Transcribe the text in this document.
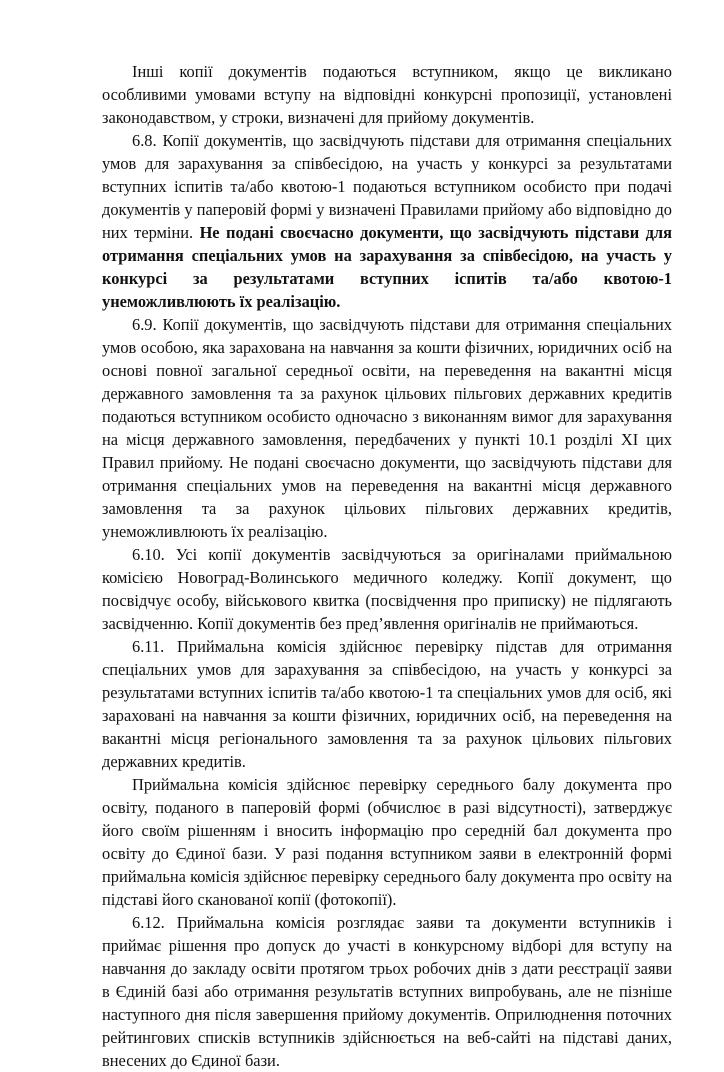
Інші копії документів подаються вступником, якщо це викликано особливими умовами вступу на відповідні конкурсні пропозиції, установлені законодавством, у строки, визначені для прийому документів.

6.8. Копії документів, що засвідчують підстави для отримання спеціальних умов для зарахування за співбесідою, на участь у конкурсі за результатами вступних іспитів та/або квотою-1 подаються вступником особисто при подачі документів у паперовій формі у визначені Правилами прийому або відповідно до них терміни. Не подані своєчасно документи, що засвідчують підстави для отримання спеціальних умов на зарахування за співбесідою, на участь у конкурсі за результатами вступних іспитів та/або квотою-1 унеможливлюють їх реалізацію.

6.9. Копії документів, що засвідчують підстави для отримання спеціальних умов особою, яка зарахована на навчання за кошти фізичних, юридичних осіб на основі повної загальної середньої освіти, на переведення на вакантні місця державного замовлення та за рахунок цільових пільгових державних кредитів подаються вступником особисто одночасно з виконанням вимог для зарахування на місця державного замовлення, передбачених у пункті 10.1 розділі ХІ цих Правил прийому. Не подані своєчасно документи, що засвідчують підстави для отримання спеціальних умов на переведення на вакантні місця державного замовлення та за рахунок цільових пільгових державних кредитів, унеможливлюють їх реалізацію.

6.10. Усі копії документів засвідчуються за оригіналами приймальною комісією Новоград-Волинського медичного коледжу. Копії документ, що посвідчує особу, військового квитка (посвідчення про приписку) не підлягають засвідченню. Копії документів без пред’явлення оригіналів не приймаються.

6.11. Приймальна комісія здійснює перевірку підстав для отримання спеціальних умов для зарахування за співбесідою, на участь у конкурсі за результатами вступних іспитів та/або квотою-1 та спеціальних умов для осіб, які зараховані на навчання за кошти фізичних, юридичних осіб, на переведення на вакантні місця регіонального замовлення та за рахунок цільових пільгових державних кредитів.

Приймальна комісія здійснює перевірку середнього балу документа про освіту, поданого в паперовій формі (обчислює в разі відсутності), затверджує його своїм рішенням і вносить інформацію про середній бал документа про освіту до Єдиної бази. У разі подання вступником заяви в електронній формі приймальна комісія здійснює перевірку середнього балу документа про освіту на підставі його сканованої копії (фотокопії).

6.12. Приймальна комісія розглядає заяви та документи вступників і приймає рішення про допуск до участі в конкурсному відборі для вступу на навчання до закладу освіти протягом трьох робочих днів з дати реєстрації заяви в Єдиній базі або отримання результатів вступних випробувань, але не пізніше наступного дня після завершення прийому документів. Оприлюднення поточних рейтингових списків вступників здійснюється на веб-сайті на підставі даних, внесених до Єдиної бази.
